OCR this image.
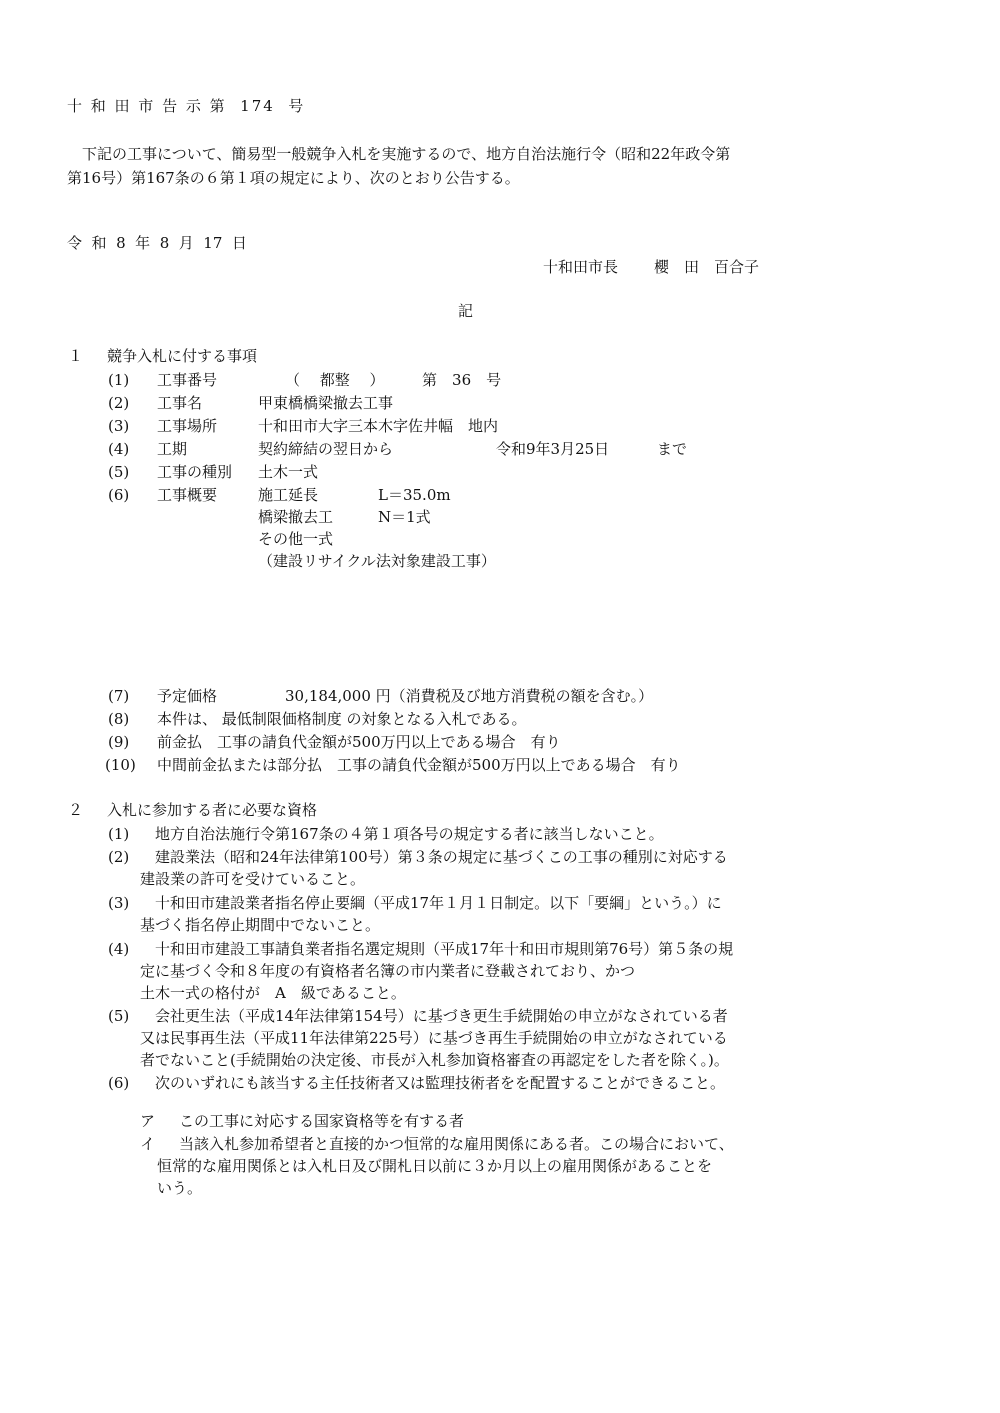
十 和 田 市 告 示 第  174  号
　下記の工事について、簡易型一般競争入札を実施するので、地方自治法施行令（昭和22年政令第
第16号）第167条の６第１項の規定により、次のとおり公告する。
令  和  8  年  8  月  17  日
十和田市長 櫻　田　百合子
記
１ 競争入札に付する事項
(1) 工事番号	（　 都整 　）　　　第　36　号
(2) 工事名	甲東橋橋梁撤去工事
(3) 工事場所	十和田市大字三本木字佐井幅　地内
(4) 工期	契約締結の翌日から	令和9年3月25日	まで
(5) 工事の種別 土木一式
(6) 工事概要	施工延長	L＝35.0m
橋梁撤去工	N＝1式
その他一式
（建設リサイクル法対象建設工事）
(7) 予定価格	30,184,000 円（消費税及び地方消費税の額を含む。）
(8) 本件は、 最低制限価格制度 の対象となる入札である。
(9) 前金払　工事の請負代金額が500万円以上である場合　有り
(10) 中間前金払または部分払　工事の請負代金額が500万円以上である場合　有り
２ 入札に参加する者に必要な資格
(1) 　地方自治法施行令第167条の４第１項各号の規定する者に該当しないこと。
(2) 　建設業法（昭和24年法律第100号）第３条の規定に基づくこの工事の種別に対応する
建設業の許可を受けていること。
(3) 　十和田市建設業者指名停止要綱（平成17年１月１日制定。以下「要綱」という。）に
基づく指名停止期間中でないこと。
(4) 　十和田市建設工事請負業者指名選定規則（平成17年十和田市規則第76号）第５条の規
定に基づく令和８年度の有資格者名簿の市内業者に登載されており、かつ
土木一式の格付が　A　級であること。
(5) 　会社更生法（平成14年法律第154号）に基づき更生手続開始の申立がなされている者
又は民事再生法（平成11年法律第225号）に基づき再生手続開始の申立がなされている
者でないこと(手続開始の決定後、市長が入札参加資格審査の再認定をした者を除く。)。
(6) 　次のいずれにも該当する主任技術者又は監理技術者をを配置することができること。
ア 　この工事に対応する国家資格等を有する者
イ 　当該入札参加希望者と直接的かつ恒常的な雇用関係にある者。この場合において、
恒常的な雇用関係とは入札日及び開札日以前に３か月以上の雇用関係があることを
いう。
